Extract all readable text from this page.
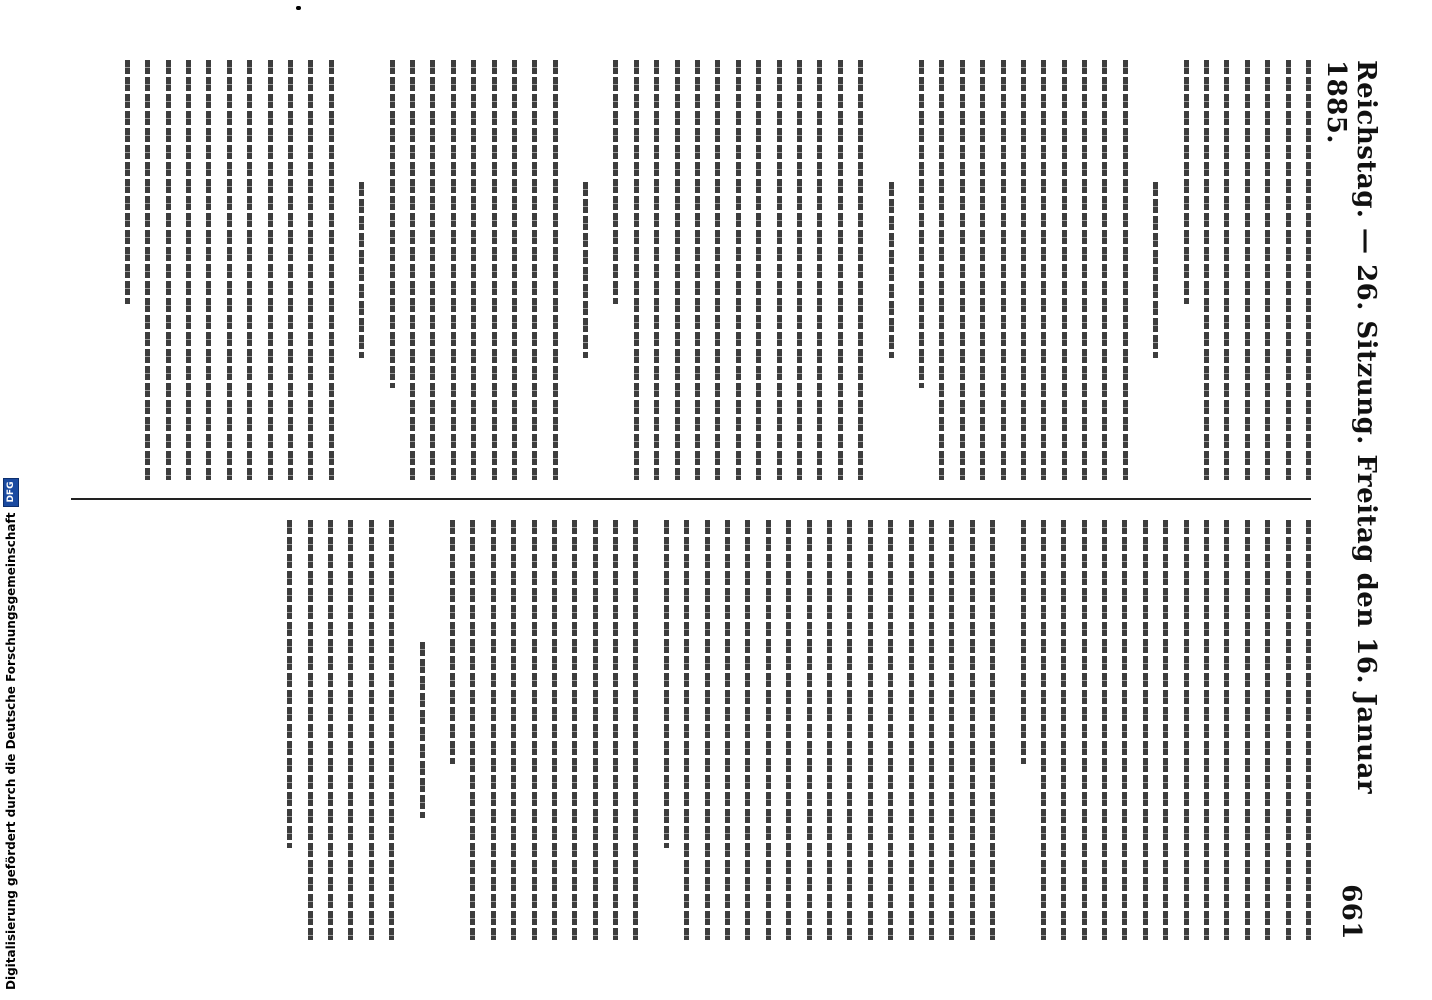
Digitalisierung gefördert durch die Deutsche Forschungsgemeinschaft
DFG	Reichstag. — 26. Sitzung. Freitag den 16. Januar 1885.
661
